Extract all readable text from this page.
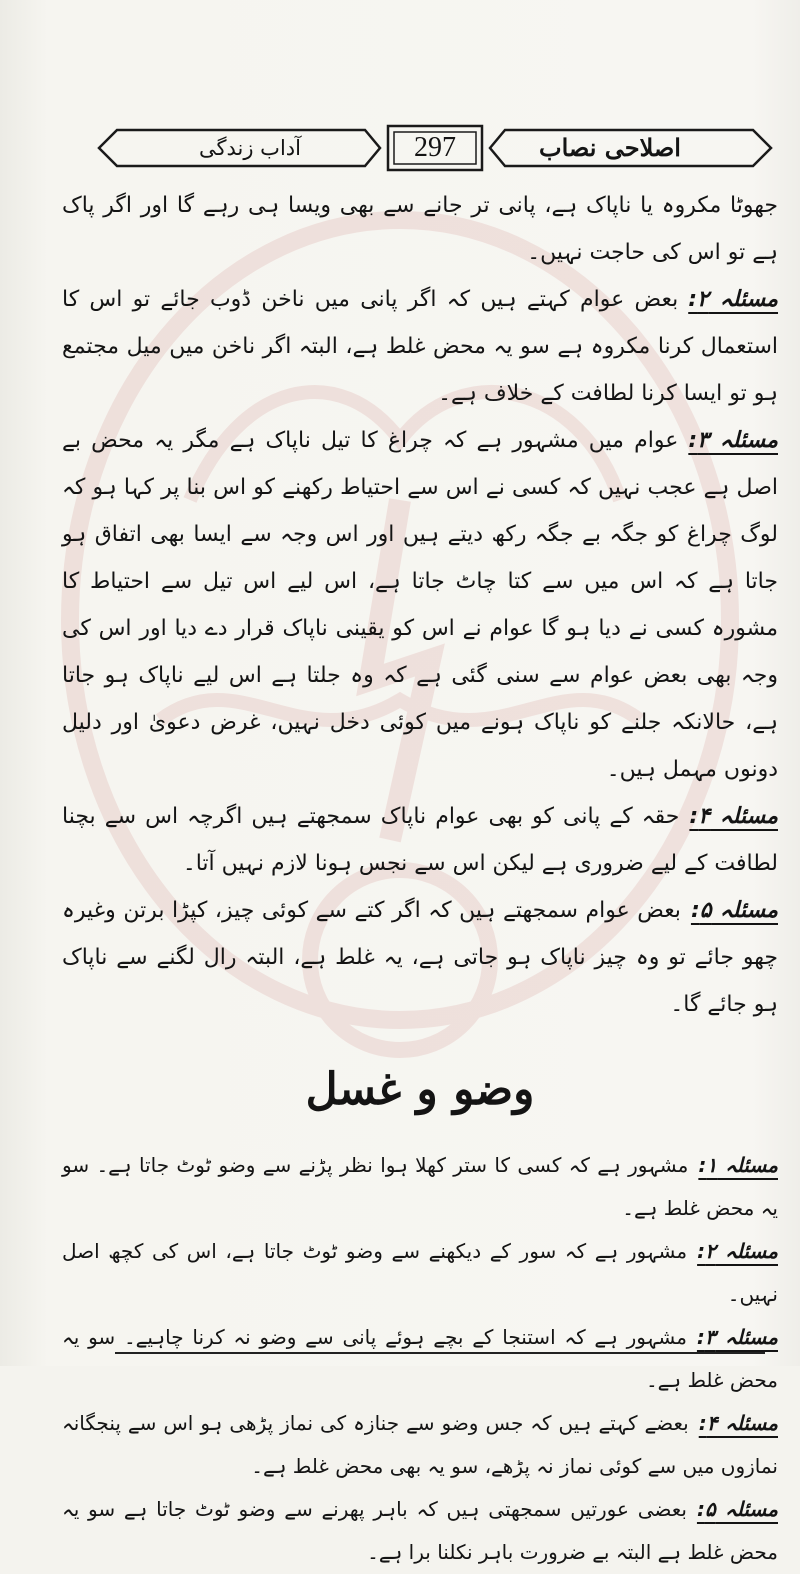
آداب زندگی	297	اصلاحی نصاب

جھوٹا مکروہ یا ناپاک ہے، پانی تر جانے سے بھی ویسا ہی رہے گا اور اگر پاک ہے تو اس کی حاجت نہیں۔

مسئلہ ۲:بعض عوام کہتے ہیں کہ اگر پانی میں ناخن ڈوب جائے تو اس کا استعمال کرنا مکروہ ہے سو یہ محض غلط ہے، البتہ اگر ناخن میں میل مجتمع ہو تو ایسا کرنا لطافت کے خلاف ہے۔

مسئلہ ۳:عوام میں مشہور ہے کہ چراغ کا تیل ناپاک ہے مگر یہ محض بے اصل ہے عجب نہیں کہ کسی نے اس سے احتیاط رکھنے کو اس بنا پر کہا ہو کہ لوگ چراغ کو جگہ بے جگہ رکھ دیتے ہیں اور اس وجہ سے ایسا بھی اتفاق ہو جاتا ہے کہ اس میں سے کتا چاٹ جاتا ہے، اس لیے اس تیل سے احتیاط کا مشورہ کسی نے دیا ہو گا عوام نے اس کو یقینی ناپاک قرار دے دیا اور اس کی وجہ بھی بعض عوام سے سنی گئی ہے کہ وہ جلتا ہے اس لیے ناپاک ہو جاتا ہے، حالانکہ جلنے کو ناپاک ہونے میں کوئی دخل نہیں، غرض دعویٰ اور دلیل دونوں مہمل ہیں۔

مسئلہ ۴:حقہ کے پانی کو بھی عوام ناپاک سمجھتے ہیں اگرچہ اس سے بچنا لطافت کے لیے ضروری ہے لیکن اس سے نجس ہونا لازم نہیں آتا۔

مسئلہ ۵:بعض عوام سمجھتے ہیں کہ اگر کتے سے کوئی چیز، کپڑا برتن وغیرہ چھو جائے تو وہ چیز ناپاک ہو جاتی ہے، یہ غلط ہے، البتہ رال لگنے سے ناپاک ہو جائے گا۔

وضو و غسل

مسئلہ ۱:مشہور ہے کہ کسی کا ستر کھلا ہوا نظر پڑنے سے وضو ٹوٹ جاتا ہے۔ سو یہ محض غلط ہے۔

مسئلہ ۲:مشہور ہے کہ سور کے دیکھنے سے وضو ٹوٹ جاتا ہے، اس کی کچھ اصل نہیں۔

مسئلہ ۳:مشہور ہے کہ استنجا کے بچے ہوئے پانی سے وضو نہ کرنا چاہیے۔ سو یہ محض غلط ہے۔

مسئلہ ۴:بعضے کہتے ہیں کہ جس وضو سے جنازہ کی نماز پڑھی ہو اس سے پنجگانہ نمازوں میں سے کوئی نماز نہ پڑھے، سو یہ بھی محض غلط ہے۔

مسئلہ ۵:بعضی عورتیں سمجھتی ہیں کہ باہر پھرنے سے وضو ٹوٹ جاتا ہے سو یہ محض غلط ہے البتہ بے ضرورت باہر نکلنا برا ہے۔
